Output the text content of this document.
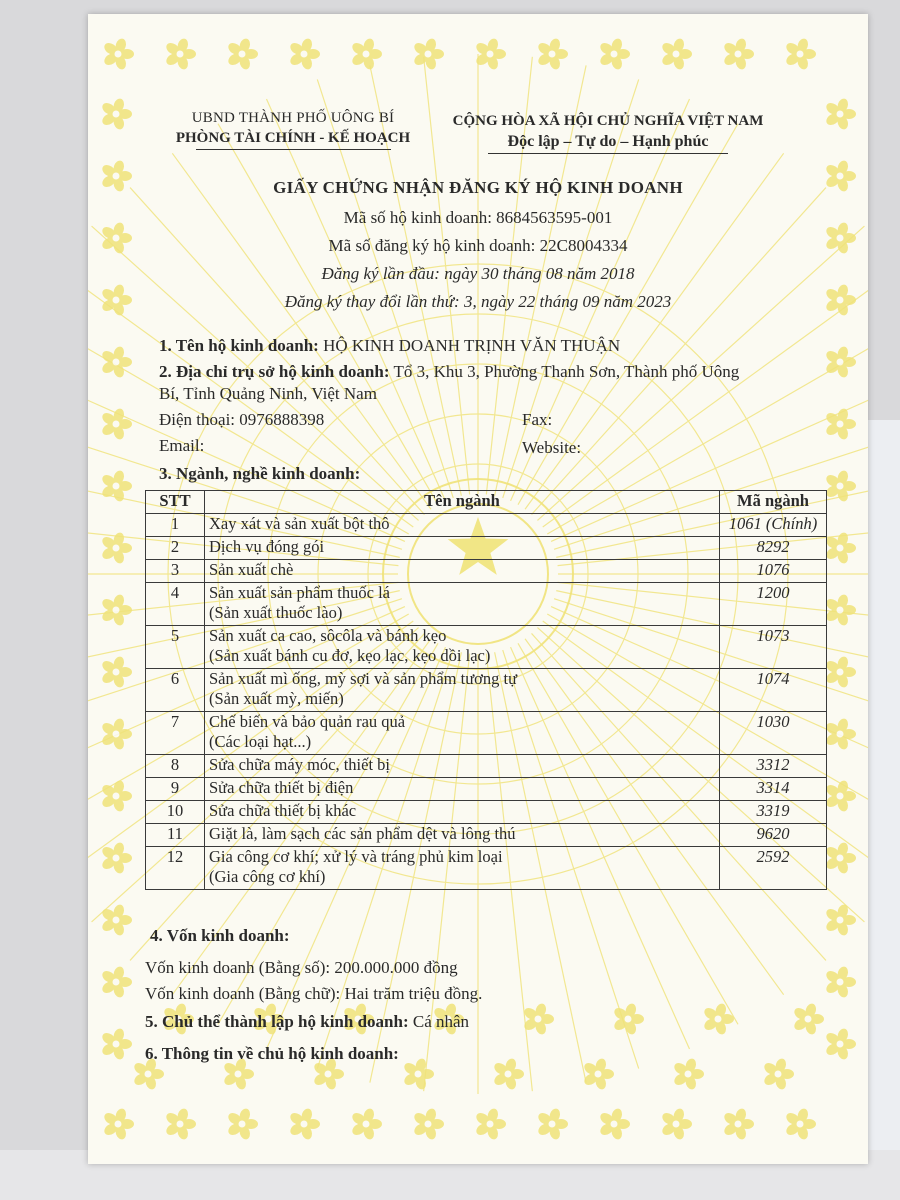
UBND THÀNH PHỐ UÔNG BÍ
PHÒNG TÀI CHÍNH - KẾ HOẠCH
CỘNG HÒA XÃ HỘI CHỦ NGHĨA VIỆT NAM
Độc lập – Tự do – Hạnh phúc
GIẤY CHỨNG NHẬN ĐĂNG KÝ HỘ KINH DOANH
Mã số hộ kinh doanh: 8684563595-001
Mã số đăng ký hộ kinh doanh: 22C8004334
Đăng ký lần đầu: ngày 30 tháng 08 năm 2018
Đăng ký thay đổi lần thứ: 3, ngày 22 tháng 09 năm 2023
1. Tên hộ kinh doanh: HỘ KINH DOANH TRỊNH VĂN THUẬN
2. Địa chỉ trụ sở hộ kinh doanh: Tổ 3, Khu 3, Phường Thanh Sơn, Thành phố Uông
Bí, Tỉnh Quảng Ninh, Việt Nam
Điện thoại: 0976888398	Fax:
Email:	Website:
3. Ngành, nghề kinh doanh:
STT	Tên ngành	Mã ngành
1	Xay xát và sản xuất bột thô	1061 (Chính)
2	Dịch vụ đóng gói	8292
3	Sản xuất chè	1076
4	Sản xuất sản phẩm thuốc lá
(Sản xuất thuốc lào)	1200
5	Sản xuất ca cao, sôcôla và bánh kẹo
(Sản xuất bánh cu đơ, kẹo lạc, kẹo dồi lạc)	1073
6	Sản xuất mì ống, mỳ sợi và sản phẩm tương tự
(Sản xuất mỳ, miến)	1074
7	Chế biến và bảo quản rau quả
(Các loại hạt...)	1030
8	Sửa chữa máy móc, thiết bị	3312
9	Sửa chữa thiết bị điện	3314
10	Sửa chữa thiết bị khác	3319
11	Giặt là, làm sạch các sản phẩm dệt và lông thú	9620
12	Gia công cơ khí; xử lý và tráng phủ kim loại
(Gia công cơ khí)	2592
4. Vốn kinh doanh:
Vốn kinh doanh (Bằng số): 200.000.000 đồng
Vốn kinh doanh (Bằng chữ): Hai trăm triệu đồng.
5. Chủ thể thành lập hộ kinh doanh: Cá nhân
6. Thông tin về chủ hộ kinh doanh:
